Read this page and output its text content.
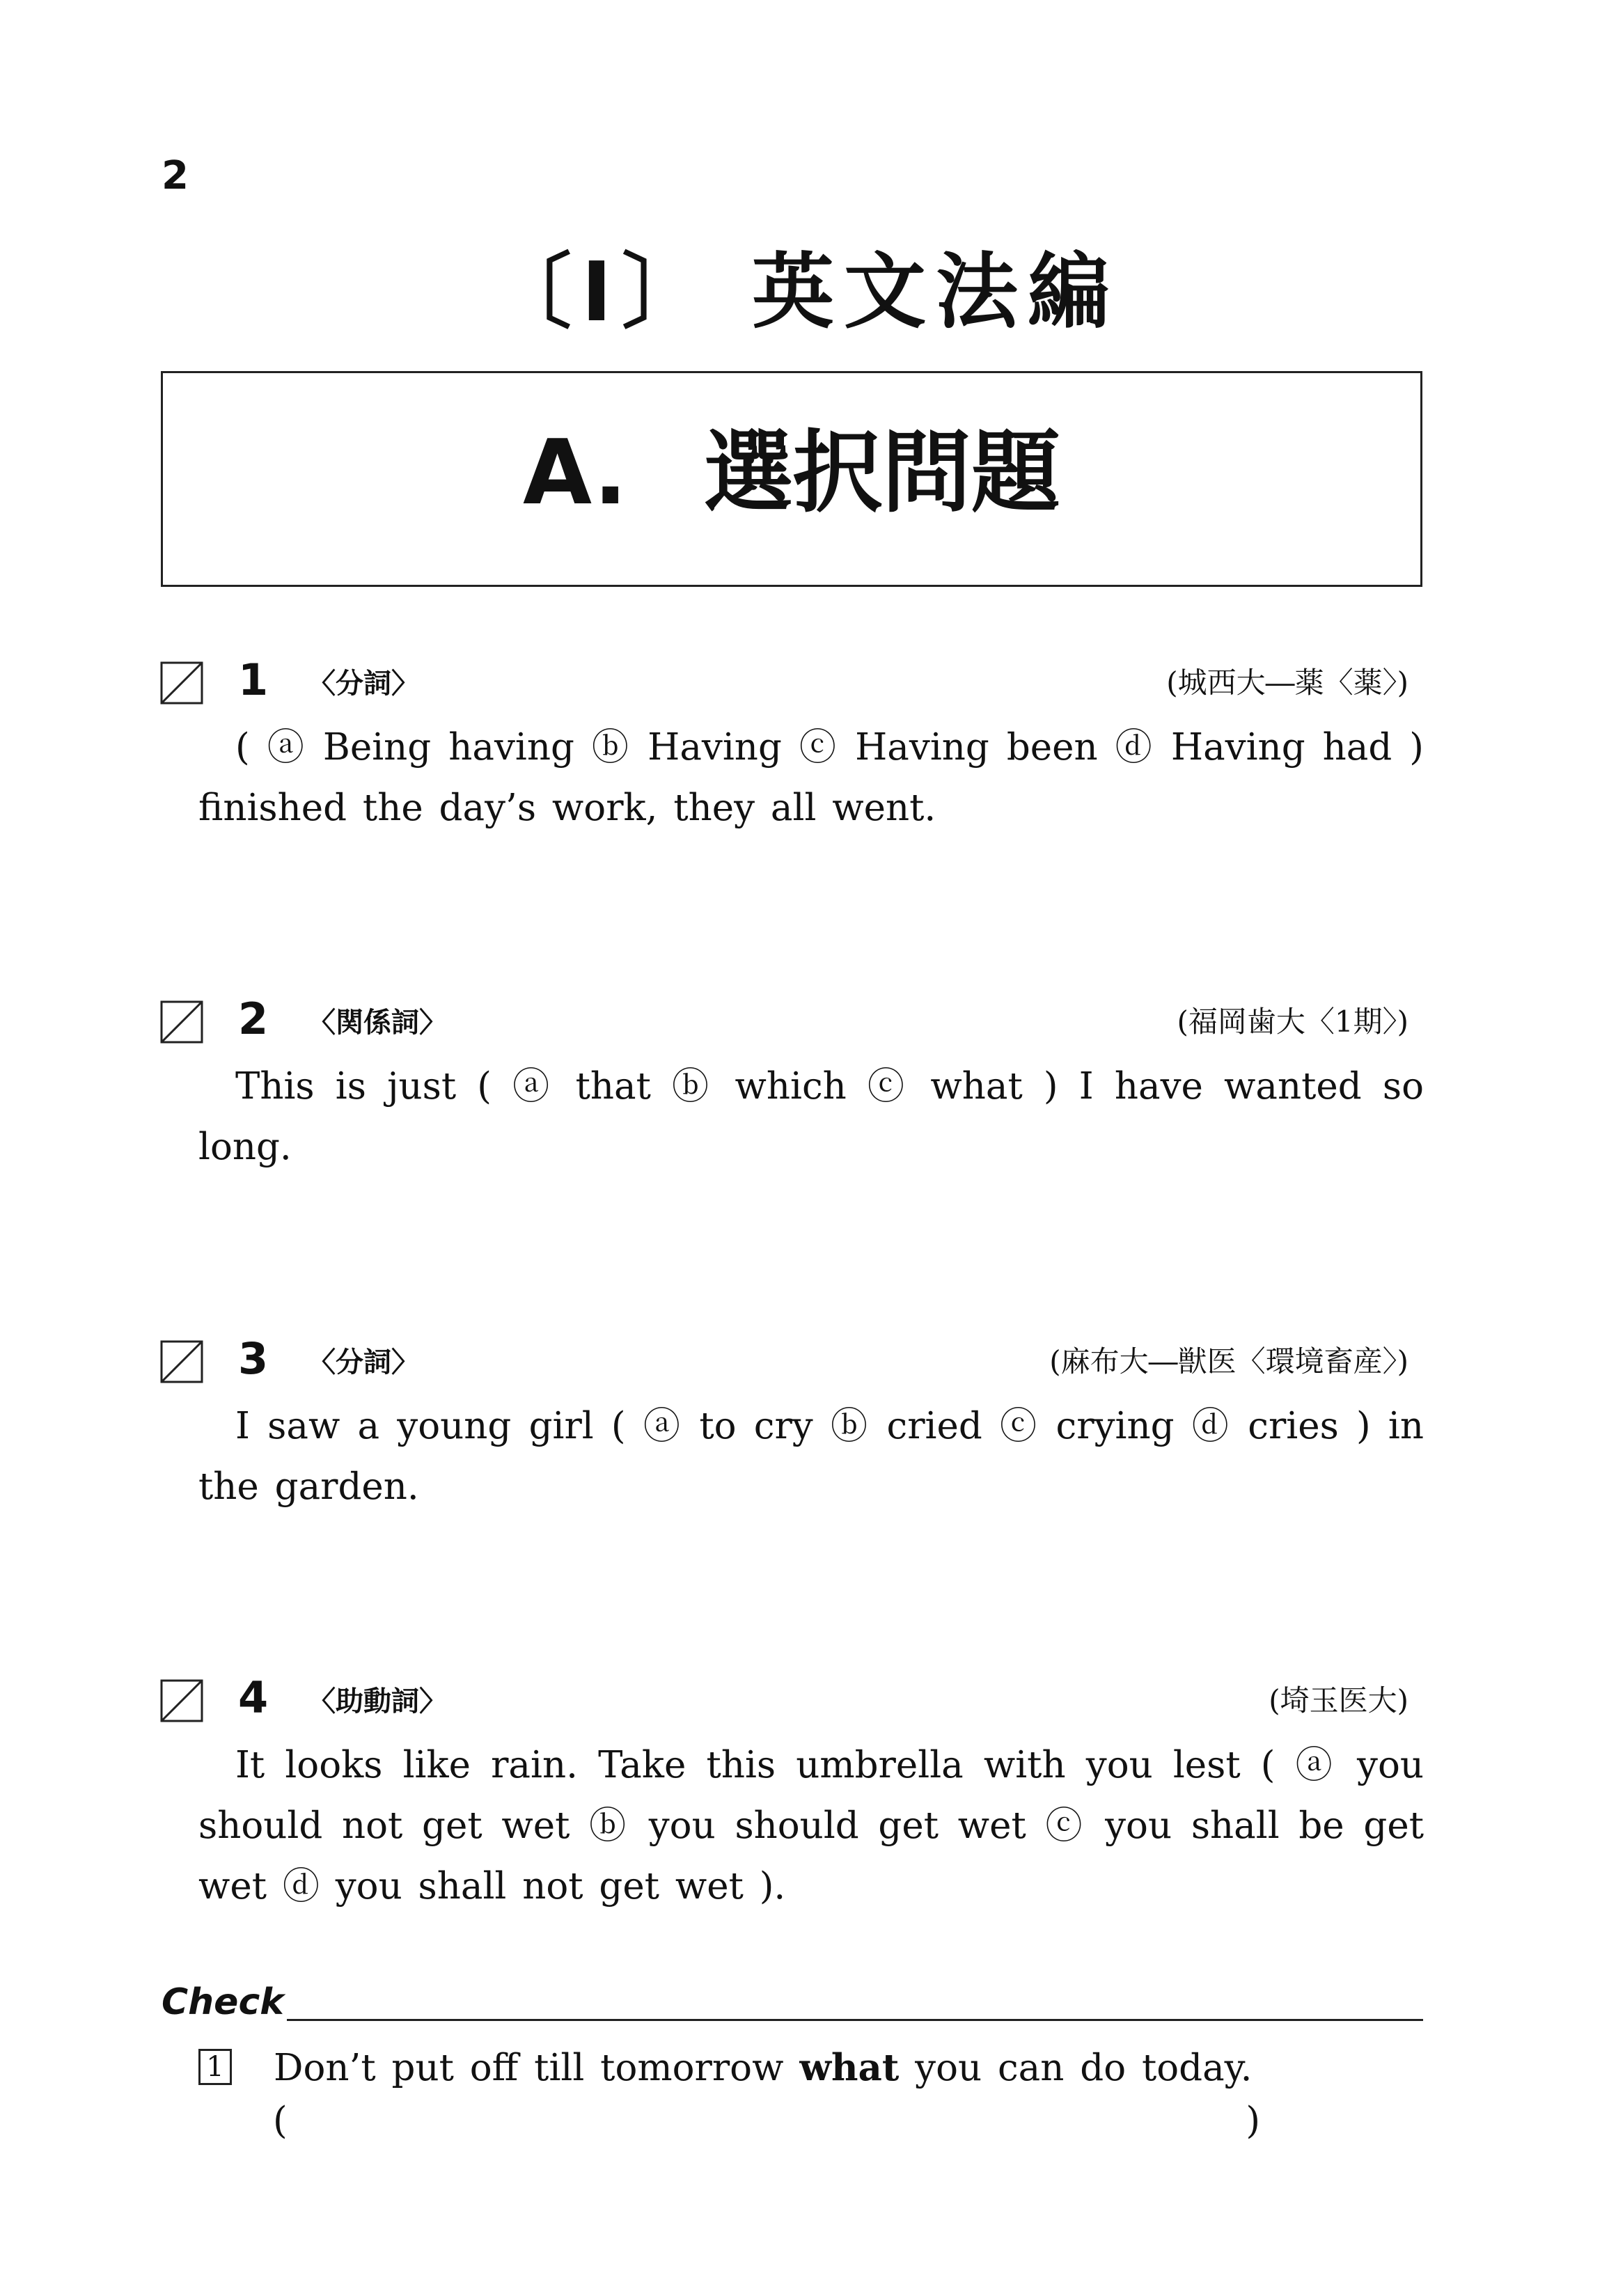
2
〔I〕 英文法編
A. 選択問題
1 〈分詞〉	(城西大―薬〈薬〉)
( ⓐ Being having ⓑ Having ⓒ Having been ⓓ Having had ) finished the day’s work, they all went.
2 〈関係詞〉	(福岡歯大〈1期〉)
This is just ( ⓐ that ⓑ which ⓒ what ) I have wanted so long.
3 〈分詞〉	(麻布大―獣医〈環境畜産〉)
I saw a young girl ( ⓐ to cry ⓑ cried ⓒ crying ⓓ cries ) in the garden.
4 〈助動詞〉	(埼玉医大)
It looks like rain. Take this umbrella with you lest ( ⓐ you should not get wet ⓑ you should get wet ⓒ you shall be get wet ⓓ you shall not get wet ).
Check
1 Don’t put off till tomorrow what you can do today.
(	)
